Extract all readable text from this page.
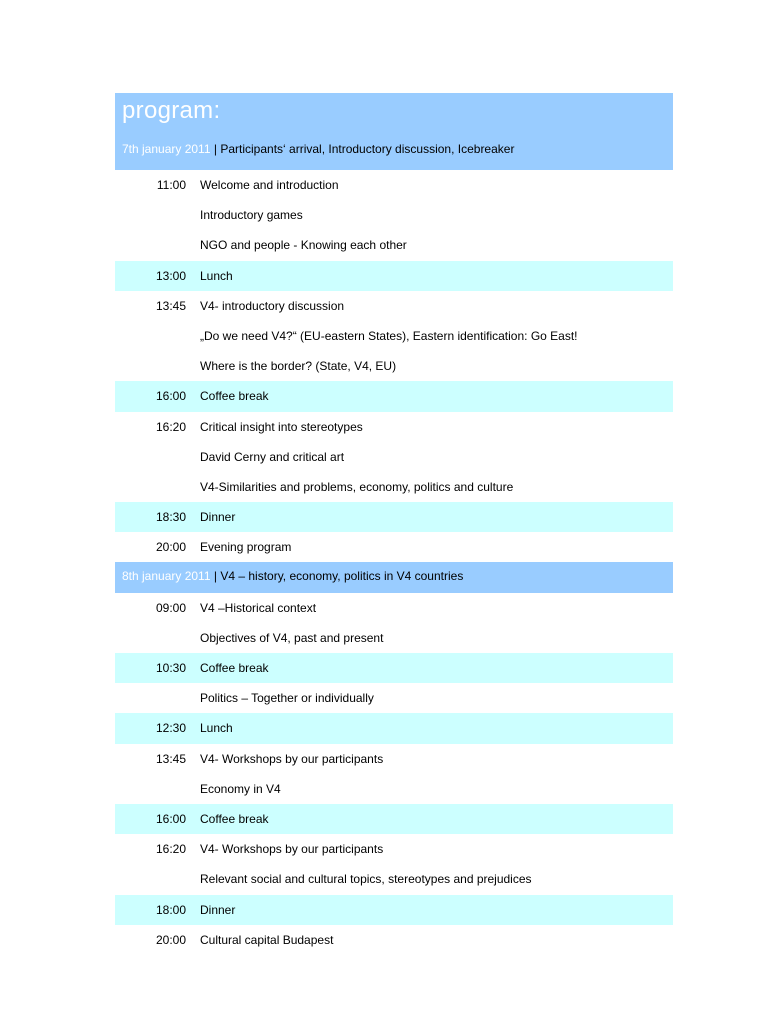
program:
7th january 2011 | Participants‘ arrival, Introductory discussion, Icebreaker
11:00 Welcome and introduction
Introductory games
NGO and people - Knowing each other
13:00 Lunch
13:45 V4- introductory discussion
„Do we need V4?“ (EU-eastern States), Eastern identification: Go East!
Where is the border? (State, V4, EU)
16:00 Coffee break
16:20 Critical insight into stereotypes
David Cerny and critical art
V4-Similarities and problems, economy, politics and culture
18:30 Dinner
20:00 Evening program
8th january 2011 | V4 – history, economy, politics in V4 countries
09:00 V4 –Historical context
Objectives of V4, past and present
10:30 Coffee break
Politics – Together or individually
12:30 Lunch
13:45 V4- Workshops by our participants
Economy in V4
16:00 Coffee break
16:20 V4- Workshops by our participants
Relevant social and cultural topics, stereotypes and prejudices
18:00 Dinner
20:00 Cultural capital Budapest
